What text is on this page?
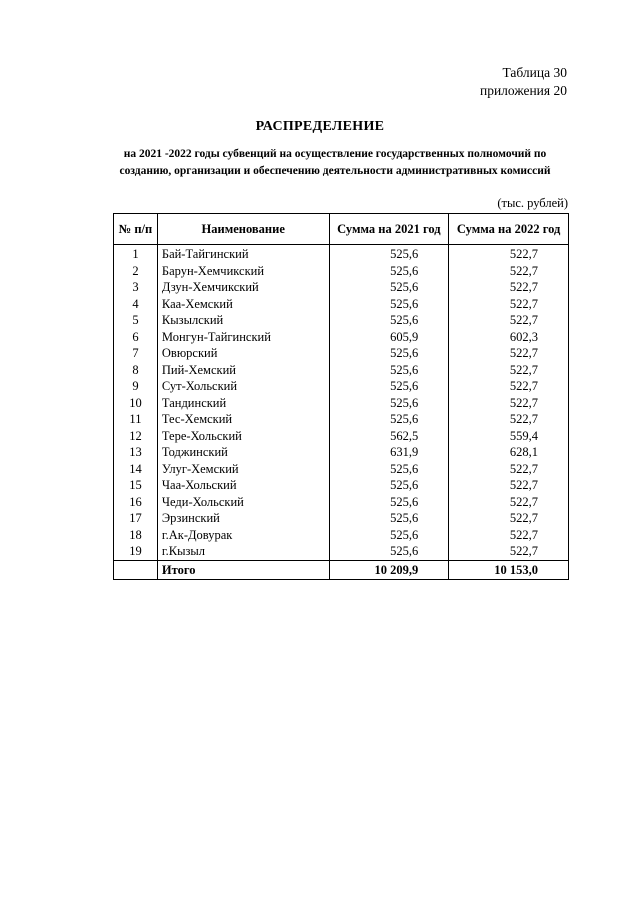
Таблица 30
приложения 20
РАСПРЕДЕЛЕНИЕ
на 2021 -2022 годы субвенций на осуществление государственных полномочий по созданию, организации и обеспечению деятельности административных комиссий
(тыс. рублей)
№ п/п	Наименование	Сумма на 2021 год	Сумма на 2022 год
1	Бай-Тайгинский	525,6	522,7
2	Барун-Хемчикский	525,6	522,7
3	Дзун-Хемчикский	525,6	522,7
4	Каа-Хемский	525,6	522,7
5	Кызылский	525,6	522,7
6	Монгун-Тайгинский	605,9	602,3
7	Овюрский	525,6	522,7
8	Пий-Хемский	525,6	522,7
9	Сут-Хольский	525,6	522,7
10	Тандинский	525,6	522,7
11	Тес-Хемский	525,6	522,7
12	Тере-Хольский	562,5	559,4
13	Тоджинский	631,9	628,1
14	Улуг-Хемский	525,6	522,7
15	Чаа-Хольский	525,6	522,7
16	Чеди-Хольский	525,6	522,7
17	Эрзинский	525,6	522,7
18	г.Ак-Довурак	525,6	522,7
19	г.Кызыл	525,6	522,7
	Итого	10 209,9	10 153,0
